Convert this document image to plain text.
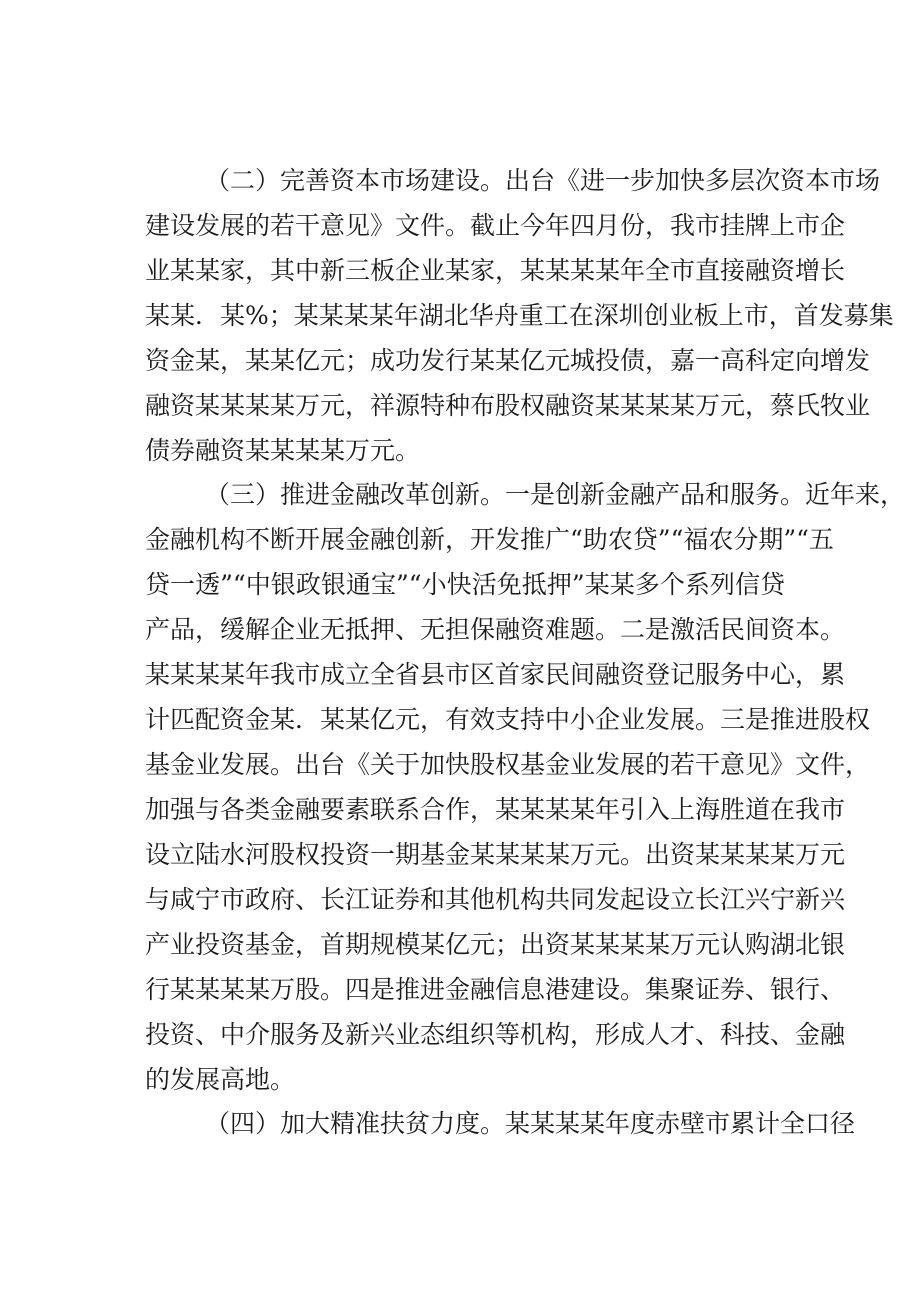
（二）完善资本市场建设。出台《进一步加快多层次资本市场
建设发展的若干意见》文件。截止今年四月份，我市挂牌上市企
业某某家，其中新三板企业某家，某某某某年全市直接融资增长
某某．某%；某某某某年湖北华舟重工在深圳创业板上市，首发募集
资金某，某某亿元；成功发行某某亿元城投债，嘉一高科定向增发
融资某某某某万元，祥源特种布股权融资某某某某万元，蔡氏牧业
债券融资某某某某万元。
（三）推进金融改革创新。一是创新金融产品和服务。近年来，
金融机构不断开展金融创新，开发推广“助农贷”“福农分期”“五
贷一透”“中银政银通宝”“小快活免抵押”某某多个系列信贷
产品，缓解企业无抵押、无担保融资难题。二是激活民间资本。
某某某某年我市成立全省县市区首家民间融资登记服务中心，累
计匹配资金某．某某亿元，有效支持中小企业发展。三是推进股权
基金业发展。出台《关于加快股权基金业发展的若干意见》文件，
加强与各类金融要素联系合作，某某某某年引入上海胜道在我市
设立陆水河股权投资一期基金某某某某万元。出资某某某某万元
与咸宁市政府、长江证券和其他机构共同发起设立长江兴宁新兴
产业投资基金，首期规模某亿元；出资某某某某万元认购湖北银
行某某某某万股。四是推进金融信息港建设。集聚证券、银行、
投资、中介服务及新兴业态组织等机构，形成人才、科技、金融
的发展高地。
（四）加大精准扶贫力度。某某某某年度赤壁市累计全口径
